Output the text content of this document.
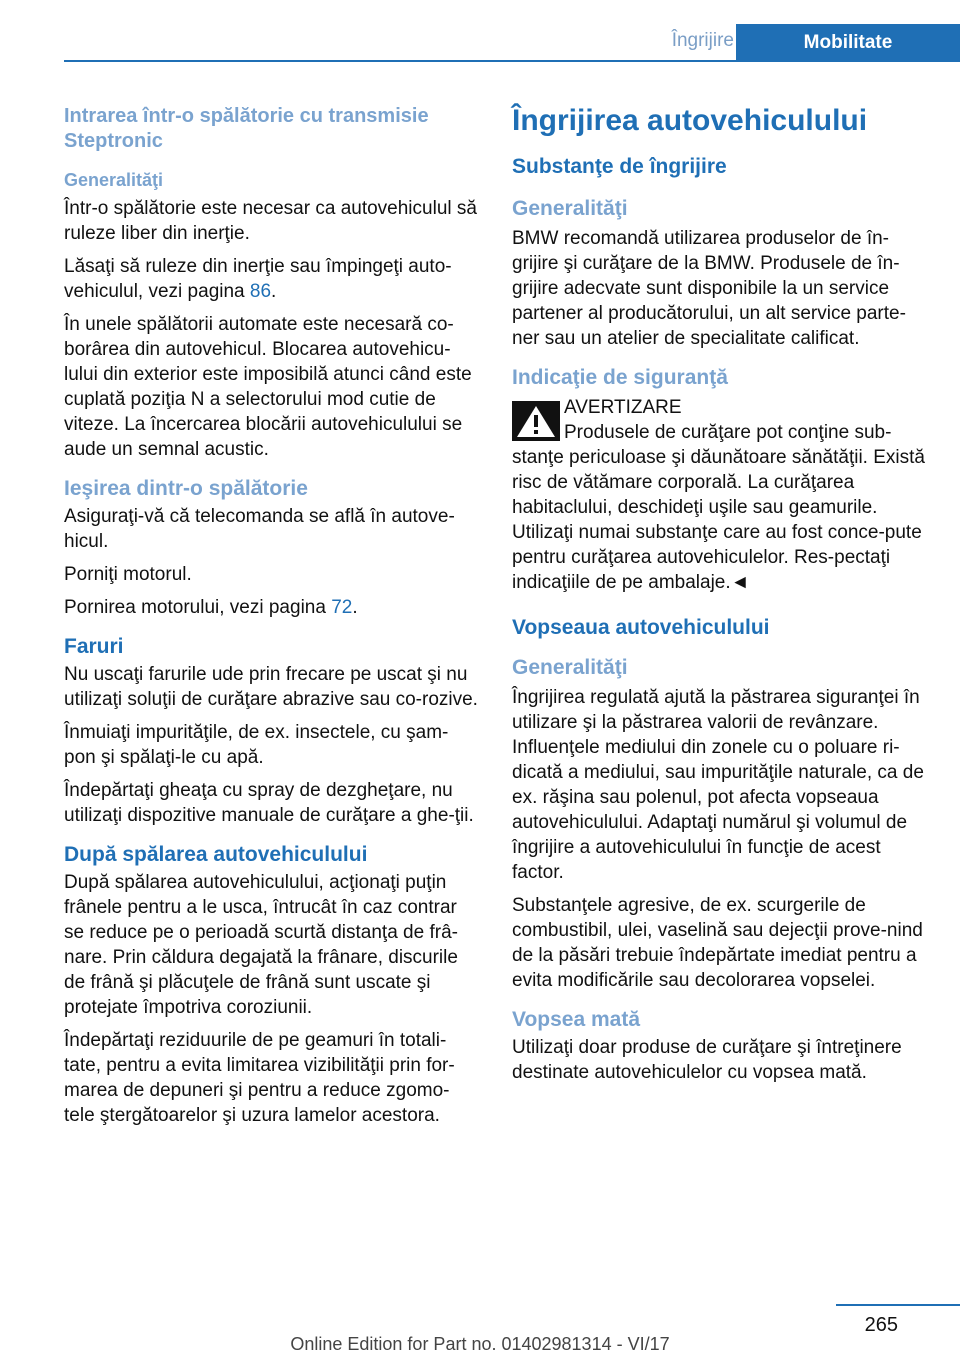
Îngrijire	Mobilitate
Intrarea într-o spălătorie cu transmisie Steptronic
Generalităţi

Într-o spălătorie este necesar ca autovehiculul să ruleze liber din inerţie.

Lăsaţi să ruleze din inerţie sau împingeţi auto-vehiculul, vezi pagina 86.

În unele spălătorii automate este necesară co-borârea din autovehicul. Blocarea autovehicu-lului din exterior este imposibilă atunci când este cuplată poziţia N a selectorului mod cutie de viteze. La încercarea blocării autovehiculului se aude un semnal acustic.

Ieşirea dintr-o spălătorie

Asiguraţi-vă că telecomanda se află în autove-hicul.

Porniţi motorul.

Pornirea motorului, vezi pagina 72.

Faruri

Nu uscaţi farurile ude prin frecare pe uscat şi nu utilizaţi soluţii de curăţare abrazive sau co-rozive.

Înmuiaţi impurităţile, de ex. insectele, cu şam-pon şi spălaţi-le cu apă.

Îndepărtaţi gheaţa cu spray de dezgheţare, nu utilizaţi dispozitive manuale de curăţare a ghe-ţii.

După spălarea autovehiculului

După spălarea autovehiculului, acţionaţi puţin frânele pentru a le usca, întrucât în caz contrar se reduce pe o perioadă scurtă distanţa de frâ-nare. Prin căldura degajată la frânare, discurile de frână şi plăcuţele de frână sunt uscate şi protejate împotriva coroziunii.

Îndepărtaţi reziduurile de pe geamuri în totali-tate, pentru a evita limitarea vizibilităţii prin for-marea de depuneri şi pentru a reduce zgomo-tele ştergătoarelor şi uzura lamelor acestora.

Îngrijirea autovehiculului
Substanţe de îngrijire
Generalităţi

BMW recomandă utilizarea produselor de în-grijire şi curăţare de la BMW. Produsele de în-grijire adecvate sunt disponibile la un service partener al producătorului, un alt service parte-ner sau un atelier de specialitate calificat.

Indicaţie de siguranţă
AVERTIZARE

Produsele de curăţare pot conţine sub-stanţe periculoase şi dăunătoare sănătăţii. Există risc de vătămare corporală. La curăţarea habitaclului, deschideţi uşile sau geamurile. Utilizaţi numai substanţe care au fost conce-pute pentru curăţarea autovehiculelor. Res-pectaţi indicaţiile de pe ambalaje.◄

Vopseaua autovehiculului
Generalităţi

Îngrijirea regulată ajută la păstrarea siguranţei în utilizare şi la păstrarea valorii de revânzare. Influenţele mediului din zonele cu o poluare ri-dicată a mediului, sau impurităţile naturale, ca de ex. răşina sau polenul, pot afecta vopseaua autovehiculului. Adaptaţi numărul şi volumul de îngrijire a autovehiculului în funcţie de acest factor.

Substanţele agresive, de ex. scurgerile de combustibil, ulei, vaselină sau dejecţii prove-nind de la păsări trebuie îndepărtate imediat pentru a evita modificările sau decolorarea vopselei.

Vopsea mată

Utilizaţi doar produse de curăţare şi întreţinere destinate autovehiculelor cu vopsea mată.

265
Online Edition for Part no. 01402981314 - VI/17
